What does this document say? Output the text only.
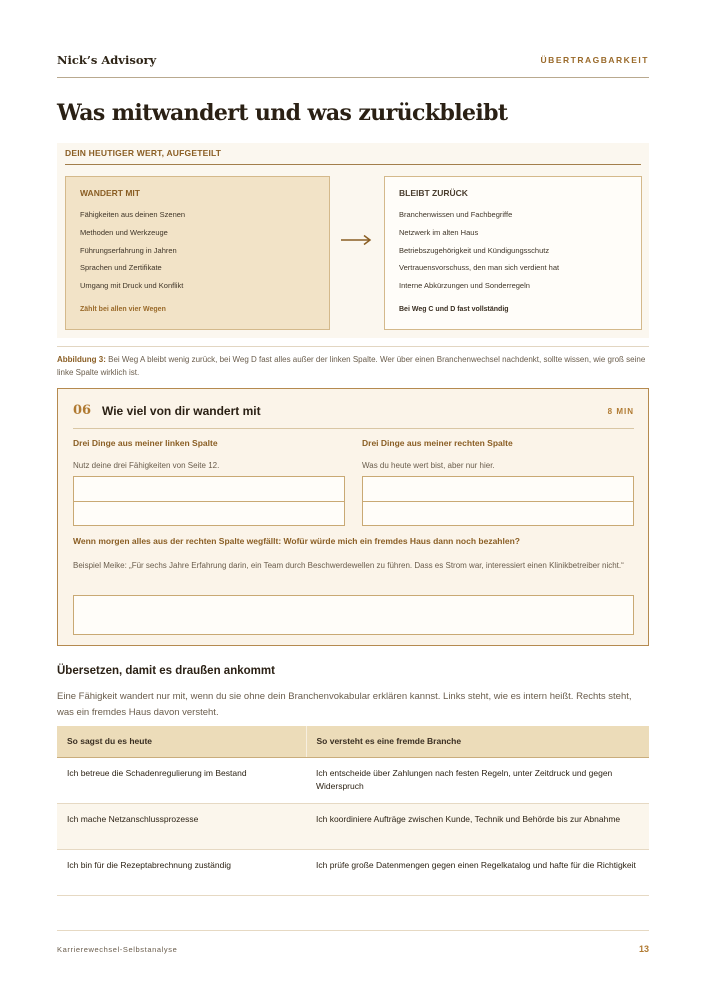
Nick’s Advisory	ÜBERTRAGBARKEIT
Was mitwandert und was zurückbleibt
DEIN HEUTIGER WERT, AUFGETEILT
WANDERT MIT
Fähigkeiten aus deinen Szenen
Methoden und Werkzeuge
Führungserfahrung in Jahren
Sprachen und Zertifikate
Umgang mit Druck und Konflikt
Zählt bei allen vier Wegen
BLEIBT ZURÜCK
Branchenwissen und Fachbegriffe
Netzwerk im alten Haus
Betriebszugehörigkeit und Kündigungsschutz
Vertrauensvorschuss, den man sich verdient hat
Interne Abkürzungen und Sonderregeln
Bei Weg C und D fast vollständig

Abbildung 3: Bei Weg A bleibt wenig zurück, bei Weg D fast alles außer der linken Spalte. Wer über einen Branchenwechsel nachdenkt, sollte wissen, wie groß seine linke Spalte wirklich ist.

06 Wie viel von dir wandert mit	8 MIN
Drei Dinge aus meiner linken Spalte
Nutz deine drei Fähigkeiten von Seite 12.
Drei Dinge aus meiner rechten Spalte
Was du heute wert bist, aber nur hier.
Wenn morgen alles aus der rechten Spalte wegfällt: Wofür würde mich ein fremdes Haus dann noch bezahlen?
Beispiel Meike: „Für sechs Jahre Erfahrung darin, ein Team durch Beschwerdewellen zu führen. Dass es Strom war, interessiert einen Klinikbetreiber nicht.“
Übersetzen, damit es draußen ankommt

Eine Fähigkeit wandert nur mit, wenn du sie ohne dein Branchenvokabular erklären kannst. Links steht, wie es intern heißt. Rechts steht, was ein fremdes Haus davon versteht.

So sagst du es heute	So versteht es eine fremde Branche
Ich betreue die Schadenregulierung im Bestand	Ich entscheide über Zahlungen nach festen Regeln, unter Zeitdruck und gegen Widerspruch
Ich mache Netzanschlussprozesse	Ich koordiniere Aufträge zwischen Kunde, Technik und Behörde bis zur Abnahme
Ich bin für die Rezeptabrechnung zuständig	Ich prüfe große Datenmengen gegen einen Regelkatalog und hafte für die Richtigkeit
Karrierewechsel-Selbstanalyse	13
